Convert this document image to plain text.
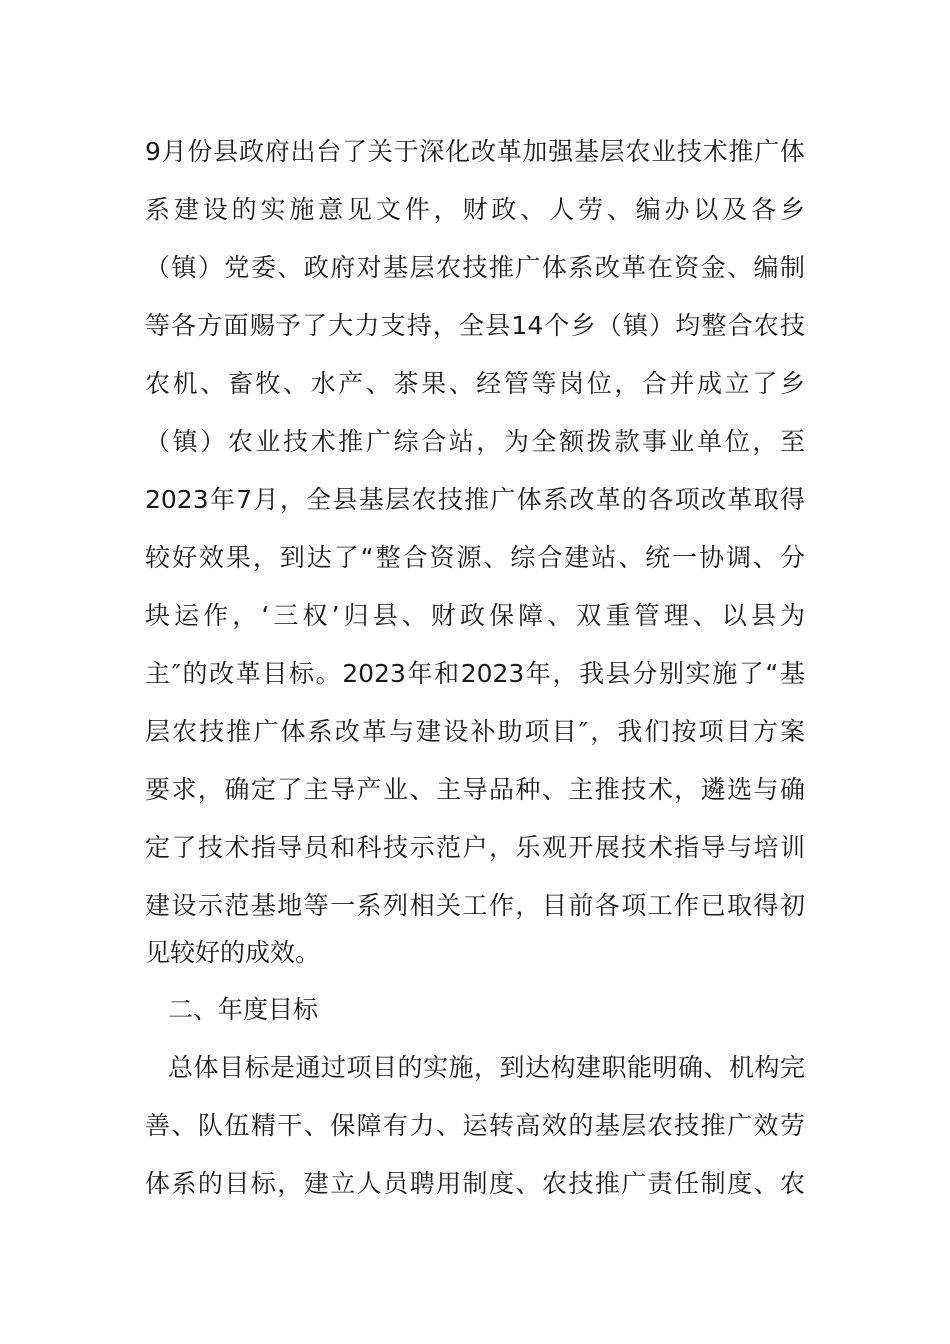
9月份县政府出台了关于深化改革加强基层农业技术推广体
系建设的实施意见文件，财政、人劳、编办以及各乡
（镇）党委、政府对基层农技推广体系改革在资金、编制
等各方面赐予了大力支持，全县14个乡（镇）均整合农技
农机、畜牧、水产、茶果、经管等岗位，合并成立了乡
（镇）农业技术推广综合站，为全额拨款事业单位，至
2023年7月，全县基层农技推广体系改革的各项改革取得
较好效果，到达了“整合资源、综合建站、统一协调、分
块运作，‘三权’归县、财政保障、双重管理、以县为
主″的改革目标。2023年和2023年，我县分别实施了“基
层农技推广体系改革与建设补助项目″，我们按项目方案
要求，确定了主导产业、主导品种、主推技术，遴选与确
定了技术指导员和科技示范户，乐观开展技术指导与培训
建设示范基地等一系列相关工作，目前各项工作已取得初
见较好的成效。
二、年度目标
总体目标是通过项目的实施，到达构建职能明确、机构完
善、队伍精干、保障有力、运转高效的基层农技推广效劳
体系的目标，建立人员聘用制度、农技推广责任制度、农
